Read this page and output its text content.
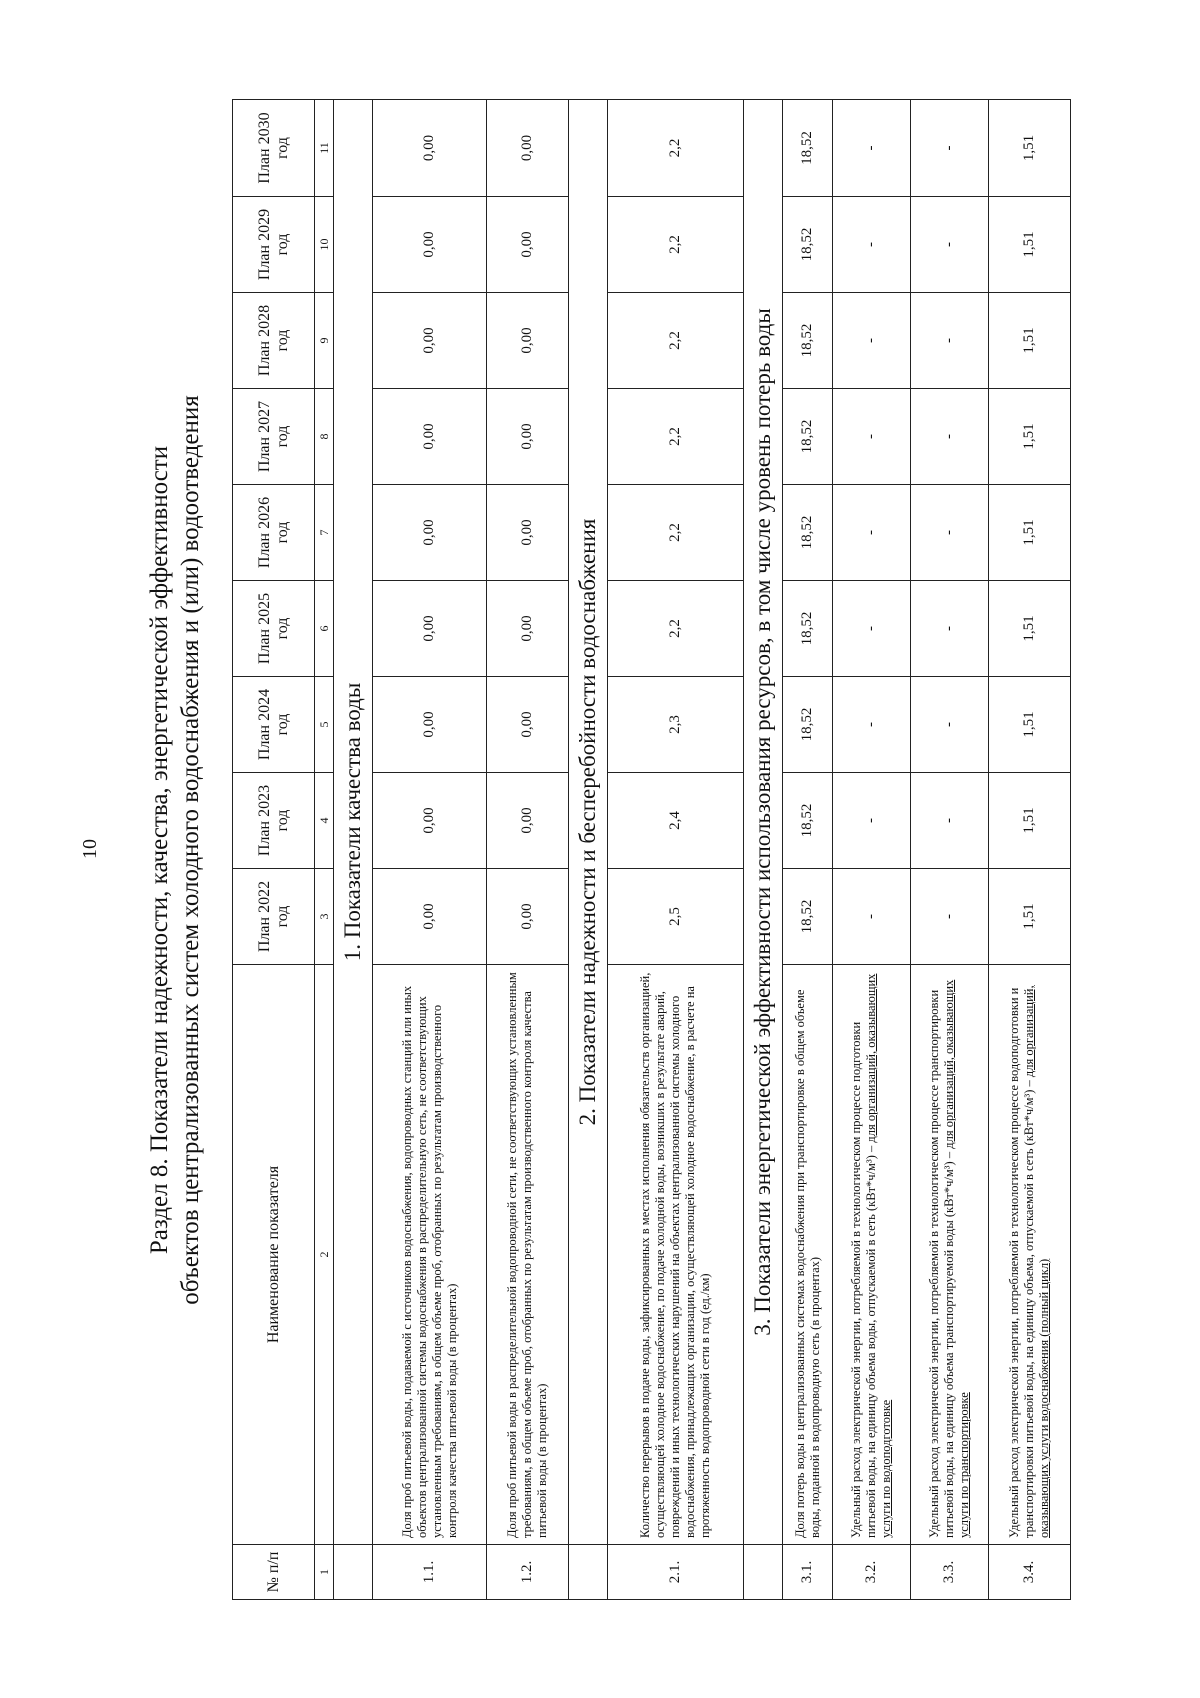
10 Раздел 8. Показатели надежности, качества, энергетической эффективности объектов централизованных систем холодного водоснабжения и (или) водоотведения
№ п/п	Наименование показателя	План 2022 год	План 2023 год	План 2024 год	План 2025 год	План 2026 год	План 2027 год	План 2028 год	План 2029 год	План 2030 год
1	2	3	4	5	6	7	8	9	10	11
	1. Показатели качества воды									
1.1.	Доля проб питьевой воды, подаваемой с источников водоснабжения, водопроводных станций или иных объектов централизованной системы водоснабжения в распределительную сеть, не соответствующих установленным требованиям, в общем объеме проб, отобранных по результатам производственного контроля качества питьевой воды (в процентах)	0,00	0,00	0,00	0,00	0,00	0,00	0,00	0,00	0,00
1.2.	Доля проб питьевой воды в распределительной водопроводной сети, не соответствующих установленным требованиям, в общем объеме проб, отобранных по результатам производственного контроля качества питьевой воды (в процентах)	0,00	0,00	0,00	0,00	0,00	0,00	0,00	0,00	0,00
	2. Показатели надежности и бесперебойности водоснабжения									
2.1.	Количество перерывов в подаче воды, зафиксированных в местах исполнения обязательств организацией, осуществляющей холодное водоснабжение, по подаче холодной воды, возникших в результате аварий, повреждений и иных технологических нарушений на объектах централизованной системы холодного водоснабжения, принадлежащих организации, осуществляющей холодное водоснабжение, в расчете на протяженность водопроводной сети в год (ед./км)	2,5	2,4	2,3	2,2	2,2	2,2	2,2	2,2	2,2
	3. Показатели энергетической эффективности использования ресурсов, в том числе уровень потерь воды									
3.1.	Доля потерь воды в централизованных системах водоснабжения при транспортировке в общем объеме воды, поданной в водопроводную сеть (в процентах)	18,52	18,52	18,52	18,52	18,52	18,52	18,52	18,52	18,52
3.2.	Удельный расход электрической энергии, потребляемой в технологическом процессе подготовки питьевой воды, на единицу объема воды, отпускаемой в сеть (кВт*ч/м³) – для организаций, оказывающих услуги по водоподготовке	-	-	-	-	-	-	-	-	-
3.3.	Удельный расход электрической энергии, потребляемой в технологическом процессе транспортировки питьевой воды, на единицу объема транспортируемой воды (кВт*ч/м³) – для организаций, оказывающих услуги по транспортировке	-	-	-	-	-	-	-	-	-
3.4.	Удельный расход электрической энергии, потребляемой в технологическом процессе водоподготовки и транспортировки питьевой воды, на единицу объема, отпускаемой в сеть (кВт*ч/м³) – для организаций, оказывающих услуги водоснабжения (полный цикл)	1,51	1,51	1,51	1,51	1,51	1,51	1,51	1,51	1,51
